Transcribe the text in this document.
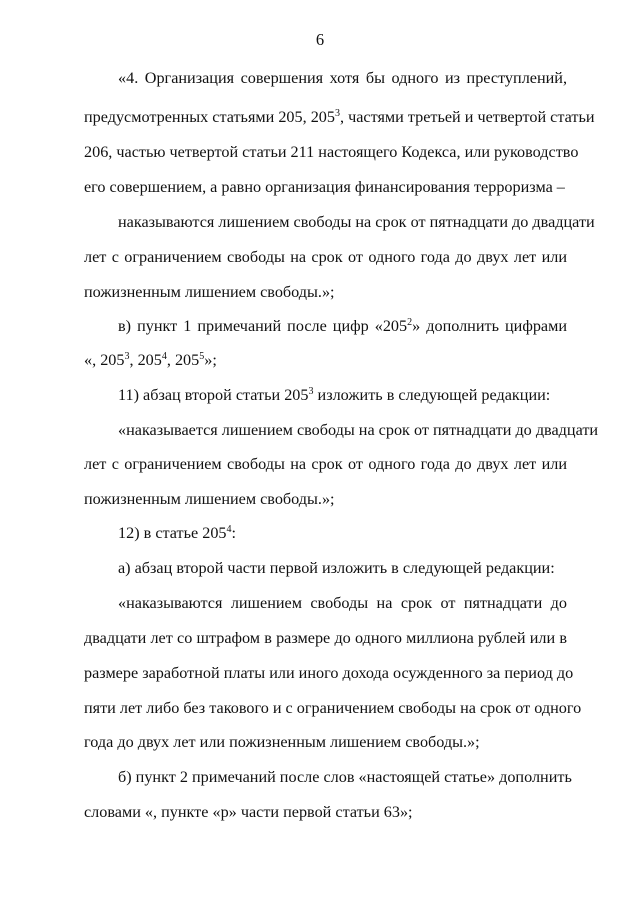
6
«4. Организация совершения хотя бы одного из преступлений,
предусмотренных статьями 205, $205^3$, частями третьей и четвертой статьи
206, частью четвертой статьи 211 настоящего Кодекса, или руководство
его совершением, а равно организация финансирования терроризма –
наказываются лишением свободы на срок от пятнадцати до двадцати
лет с ограничением свободы на срок от одного года до двух лет или
пожизненным лишением свободы.»;
в) пункт 1 примечаний после цифр «$205^2$» дополнить цифрами
«, $205^3$, $205^4$, $205^5$»;
11) абзац второй статьи $205^3$ изложить в следующей редакции:
«наказывается лишением свободы на срок от пятнадцати до двадцати
лет с ограничением свободы на срок от одного года до двух лет или
пожизненным лишением свободы.»;
12) в статье $205^4$:
а) абзац второй части первой изложить в следующей редакции:
«наказываются лишением свободы на срок от пятнадцати до
двадцати лет со штрафом в размере до одного миллиона рублей или в
размере заработной платы или иного дохода осужденного за период до
пяти лет либо без такового и с ограничением свободы на срок от одного
года до двух лет или пожизненным лишением свободы.»;
б) пункт 2 примечаний после слов «настоящей статье» дополнить
словами «, пункте «р» части первой статьи 63»;
